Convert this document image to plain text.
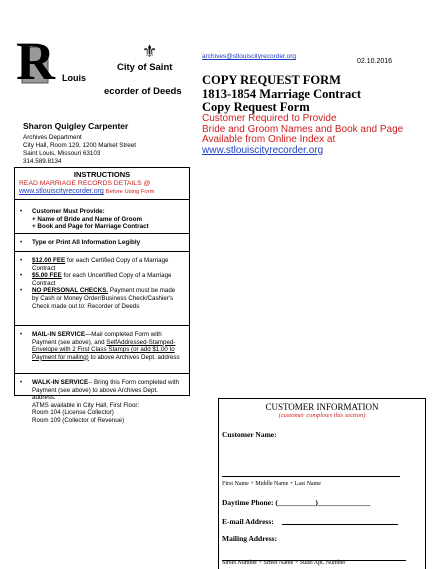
R	⚜
City of Saint
Louis
ecorder of Deeds
archives@stlouiscityrecorder.org
02.10.2016
COPY REQUEST FORM
1813-1854 Marriage Contract
Copy Request Form
Customer Required to Provide
Bride and Groom Names and Book and Page
Available from Online Index at
www.stlouiscityrecorder.org
Sharon Quigley Carpenter
Archives Department
City Hall, Room 129, 1200 Market Street
Saint Louis, Missouri 63103
314.589.8134
INSTRUCTIONS
READ MARRIAGE RECORDS DETAILS @
www.stlouiscityrecorder.org Before Using Form
• Customer Must Provide:
+ Name of Bride and Name of Groom
+ Book and Page for Marriage Contract
• Type or Print All Information Legibly
•	$12.00 FEE for each Certified Copy of a Marriage Contract
•	$5.00 FEE for each Uncertified Copy of a Marriage Contract
•	NO PERSONAL CHECKS. Payment must be made by Cash or Money Order/Business Check/Cashier's Check made out to: Recorder of Deeds
•	MAIL-IN SERVICE—Mail completed Form with Payment (see above), and SelfAddressed-Stamped-Envelope with 2 First Class Stamps (or add $1.00 to Payment for mailing) to above Archives Dept. address
•	WALK-IN SERVICE-- Bring this Form completed with Payment (see above) to above Archives Dept. address.
ATMS available in City Hall, First Floor:
Room 104 (License Collector)
Room 109 (Collector of Revenue)
CUSTOMER INFORMATION
(customer completes this section)
Customer Name:
First Name + Middle Name + Last Name
Daytime Phone: (__________)______________
E-mail Address:
Mailing Address:
Street Number + Street Name + Suite/Apt. Number
